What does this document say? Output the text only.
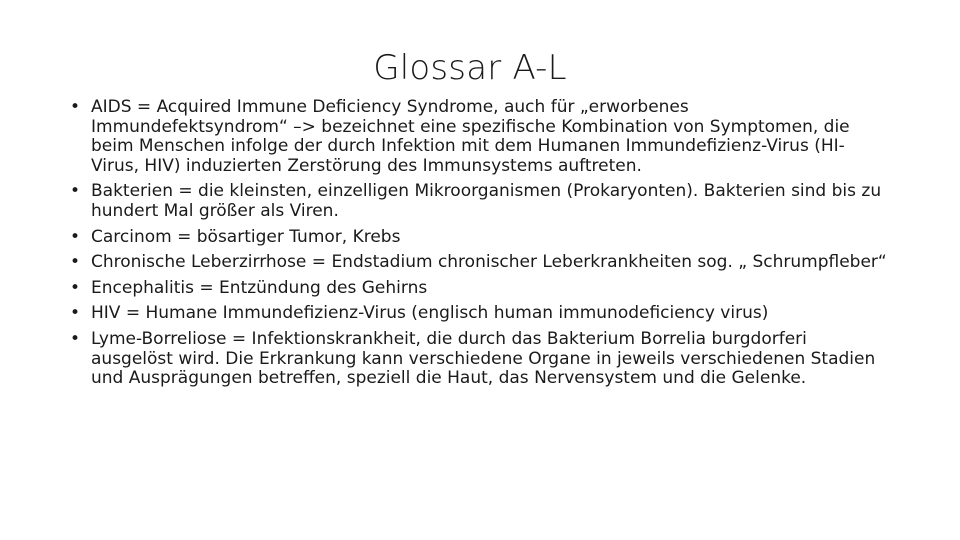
Glossar A-L
• AIDS = Acquired Immune Deficiency Syndrome, auch für „erworbenes Immundefektsyndrom“ –> bezeichnet eine spezifische Kombination von Symptomen, die beim Menschen infolge der durch Infektion mit dem Humanen Immundefizienz-Virus (HI-Virus, HIV) induzierten Zerstörung des Immunsystems auftreten.
• Bakterien = die kleinsten, einzelligen Mikroorganismen (Prokaryonten). Bakterien sind bis zu hundert Mal größer als Viren.
• Carcinom = bösartiger Tumor, Krebs
• Chronische Leberzirrhose = Endstadium chronischer Leberkrankheiten sog. „ Schrumpfleber“
• Encephalitis = Entzündung des Gehirns
• HIV = Humane Immundefizienz-Virus (englisch human immunodeficiency virus)
• Lyme-Borreliose = Infektionskrankheit, die durch das Bakterium Borrelia burgdorferi ausgelöst wird. Die Erkrankung kann verschiedene Organe in jeweils verschiedenen Stadien und Ausprägungen betreffen, speziell die Haut, das Nervensystem und die Gelenke.
